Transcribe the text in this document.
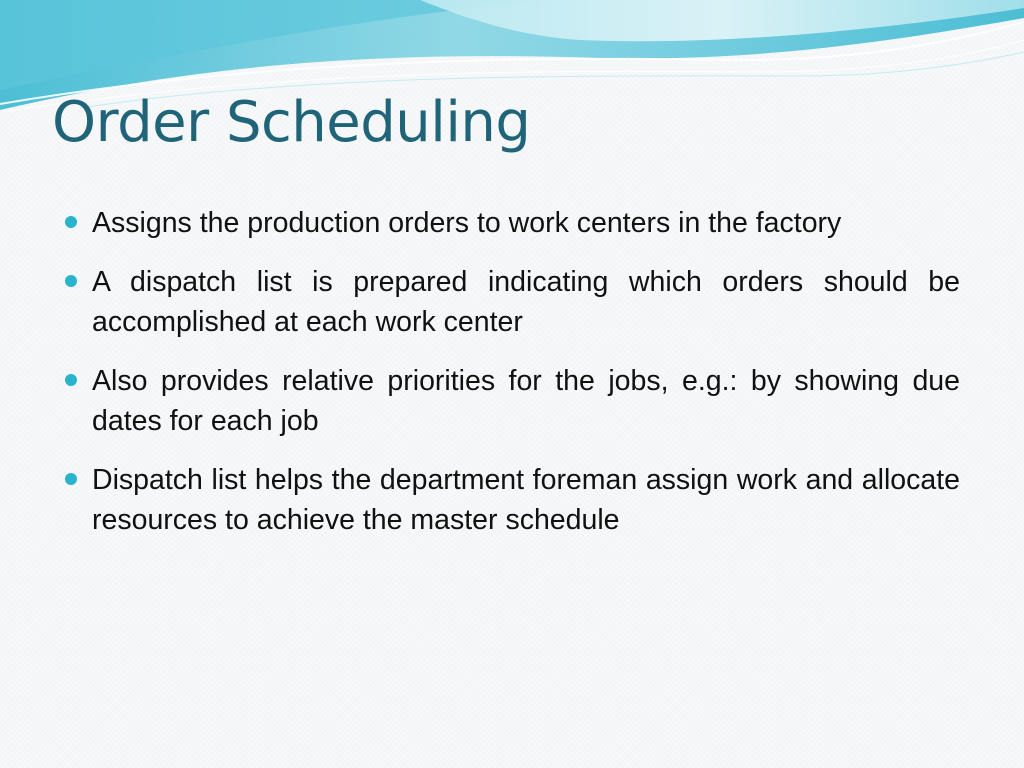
Order Scheduling
Assigns the production orders to work centers in the factory
A dispatch list is prepared indicating which orders should be accomplished at each work center
Also provides relative priorities for the jobs, e.g.: by showing due dates for each job
Dispatch list helps the department foreman assign work and allocate resources to achieve the master schedule
